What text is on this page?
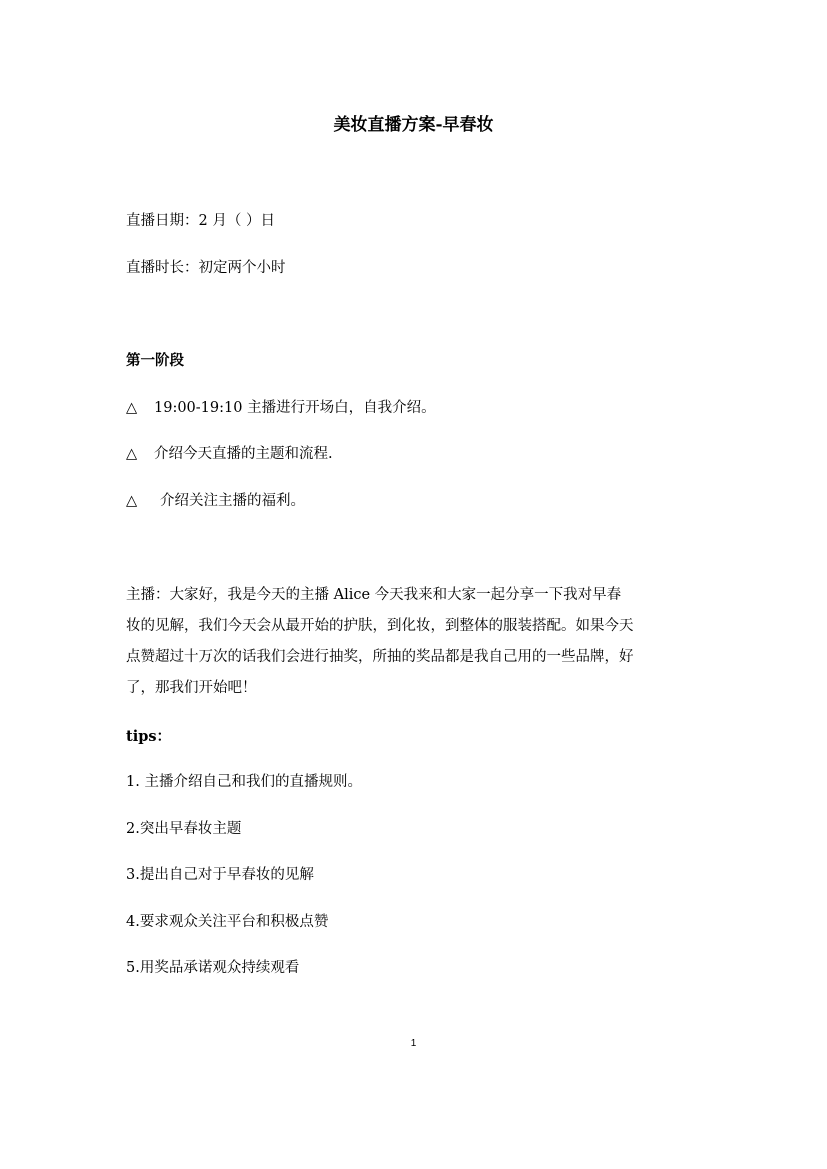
美妆直播方案-早春妆
直播日期：2 月（ ）日
直播时长：初定两个小时
第一阶段
△ 19:00-19:10 主播进行开场白，自我介绍。
△ 介绍今天直播的主题和流程.
△ 介绍关注主播的福利。
主播：大家好，我是今天的主播 Alice 今天我来和大家一起分享一下我对早春
妆的见解，我们今天会从最开始的护肤，到化妆，到整体的服装搭配。如果今天
点赞超过十万次的话我们会进行抽奖，所抽的奖品都是我自己用的一些品牌，好
了，那我们开始吧！
tips：
1. 主播介绍自己和我们的直播规则。
2.突出早春妆主题
3.提出自己对于早春妆的见解
4.要求观众关注平台和积极点赞
5.用奖品承诺观众持续观看
1
